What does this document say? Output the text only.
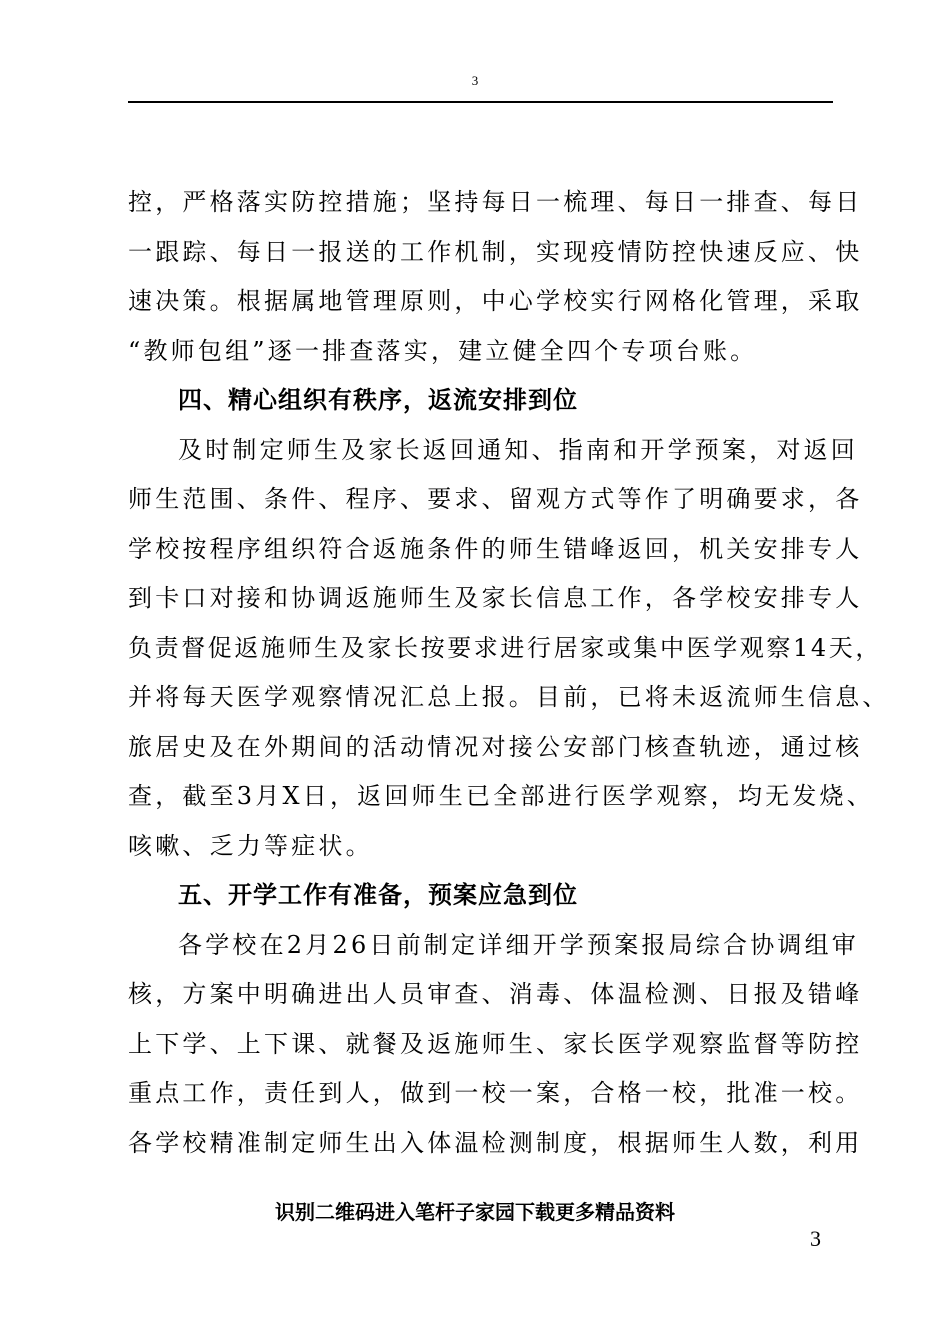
3
控，严格落实防控措施；坚持每日一梳理、每日一排查、每日
一跟踪、每日一报送的工作机制，实现疫情防控快速反应、快
速决策。根据属地管理原则，中心学校实行网格化管理，采取
“教师包组”逐一排查落实，建立健全四个专项台账。
四、精心组织有秩序，返流安排到位
及时制定师生及家长返回通知、指南和开学预案，对返回
师生范围、条件、程序、要求、留观方式等作了明确要求，各
学校按程序组织符合返施条件的师生错峰返回，机关安排专人
到卡口对接和协调返施师生及家长信息工作，各学校安排专人
负责督促返施师生及家长按要求进行居家或集中医学观察14天，
并将每天医学观察情况汇总上报。目前，已将未返流师生信息、
旅居史及在外期间的活动情况对接公安部门核查轨迹，通过核
查，截至3月X日，返回师生已全部进行医学观察，均无发烧、
咳嗽、乏力等症状。
五、开学工作有准备，预案应急到位
各学校在2月26日前制定详细开学预案报局综合协调组审
核，方案中明确进出人员审查、消毒、体温检测、日报及错峰
上下学、上下课、就餐及返施师生、家长医学观察监督等防控
重点工作，责任到人，做到一校一案，合格一校，批准一校。
各学校精准制定师生出入体温检测制度，根据师生人数，利用
识别二维码进入笔杆子家园下载更多精品资料
3
